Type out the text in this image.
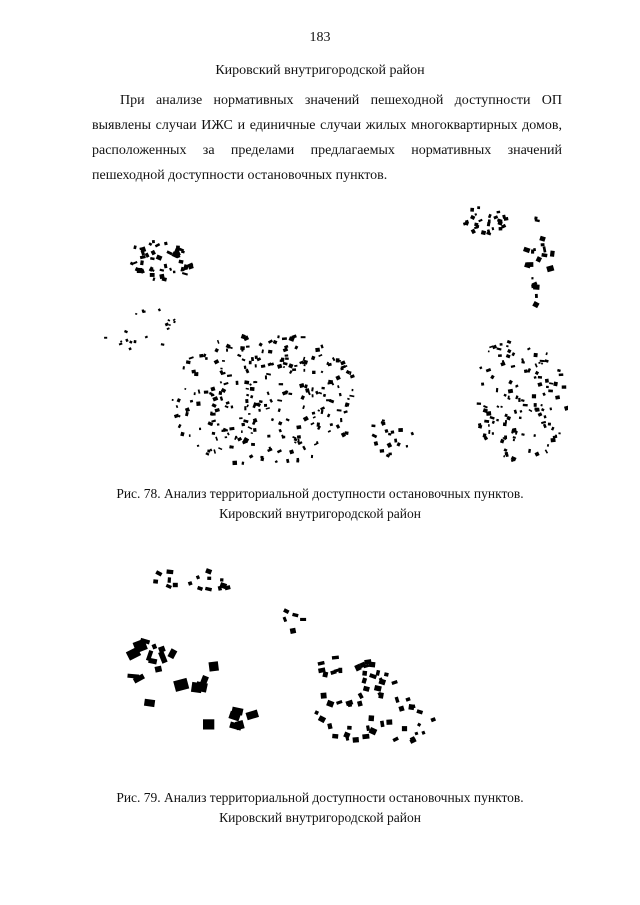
183
Кировский внутригородской район
При анализе нормативных значений пешеходной доступности ОП выявлены случаи ИЖС и единичные случаи жилых многоквартирных домов, расположенных за пределами предлагаемых нормативных значений пешеходной доступности остановочных пунктов.
Рис. 78. Анализ территориальной доступности остановочных пунктов.
Кировский внутригородской район
Рис. 79. Анализ территориальной доступности остановочных пунктов.
Кировский внутригородской район
